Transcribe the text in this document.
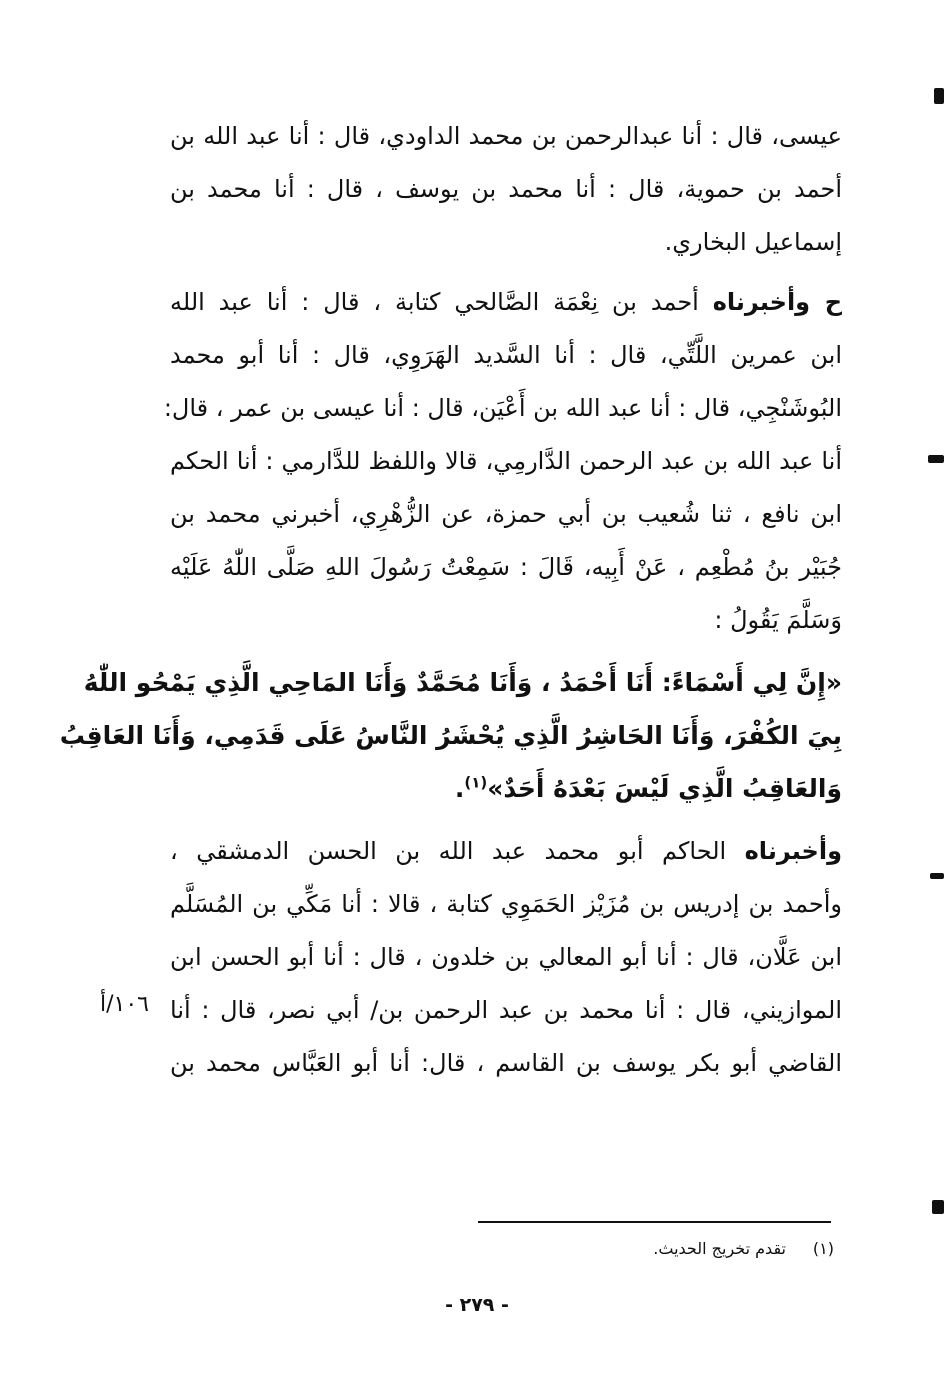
عيسى، قال : أنا عبدالرحمن بن محمد الداودي، قال : أنا عبد الله بن
أحمد بن حموية، قال : أنا محمد بن يوسف ، قال : أنا محمد بن
إسماعيل البخاري.
ح وأخبرناه أحمد بن نِعْمَة الصَّالحي كتابة ، قال : أنا عبد الله
ابن عمرين اللَّتِّي، قال : أنا السَّديد الهَرَوِي، قال : أنا أبو محمد
البُوشَنْجِي، قال : أنا عبد الله بن أَعْيَن، قال : أنا عيسى بن عمر ، قال:
أنا عبد الله بن عبد الرحمن الدَّارمِي، قالا واللفظ للدَّارمي : أنا الحكم
ابن نافع ، ثنا شُعيب بن أبي حمزة، عن الزُّهْرِي، أخبرني محمد بن
جُبَيْر بنُ مُطْعِم ، عَنْ أَبِيه، قَالَ : سَمِعْتُ رَسُولَ اللهِ صَلَّى اللّٰهُ عَلَيْه
وَسَلَّمَ يَقُولُ :
«إِنَّ لِي أَسْمَاءً: أَنَا أَحْمَدُ ، وَأَنَا مُحَمَّدٌ وَأَنَا المَاحِي الَّذِي يَمْحُو اللّٰهُ
بِيَ الكُفْرَ، وَأَنَا الحَاشِرُ الَّذِي يُحْشَرُ النَّاسُ عَلَى قَدَمِي، وَأَنَا العَاقِبُ
وَالعَاقِبُ الَّذِي لَيْسَ بَعْدَهُ أَحَدٌ»$^{(١)}$.
وأخبرناه الحاكم أبو محمد عبد الله بن الحسن الدمشقي ،
وأحمد بن إدريس بن مُزَيْز الحَمَوِي كتابة ، قالا : أنا مَكِّي بن المُسَلَّم
ابن عَلَّان، قال : أنا أبو المعالي بن خلدون ، قال : أنا أبو الحسن ابن
الموازيني، قال : أنا محمد بن عبد الرحمن بن/ أبي نصر، قال : أنا
القاضي أبو بكر يوسف بن القاسم ، قال: أنا أبو العَبَّاس محمد بن
١٠٦/أ
(١)تقدم تخريج الحديث.
- ٢٧٩ -
